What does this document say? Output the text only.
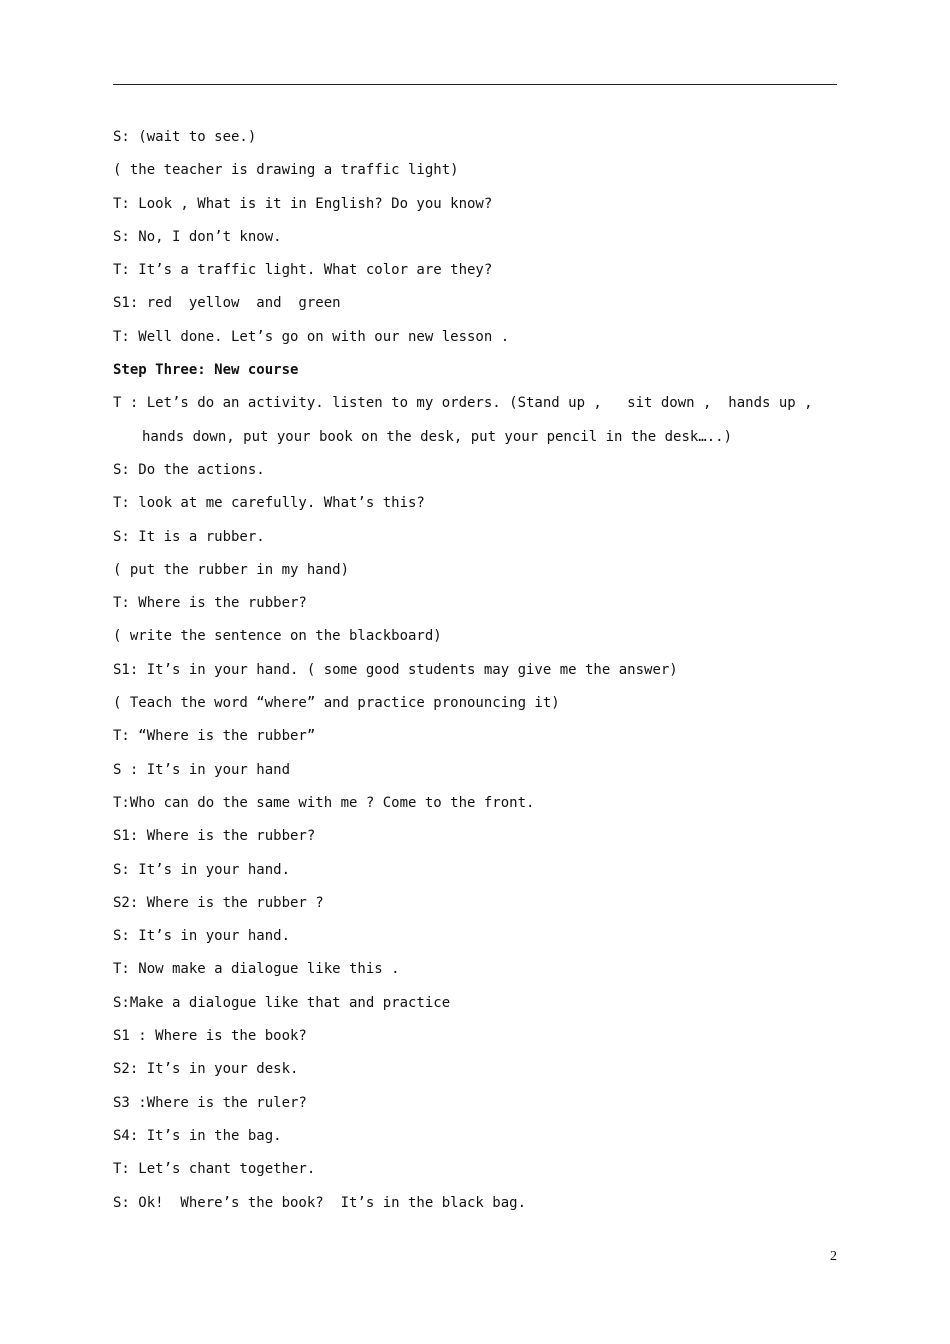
S: (wait to see.)
( the teacher is drawing a traffic light)
T: Look , What is it in English? Do you know?
S: No, I don’t know.
T: It’s a traffic light. What color are they?
S1: red  yellow  and  green
T: Well done. Let’s go on with our new lesson .
Step Three: New course
T : Let’s do an activity. listen to my orders. (Stand up ,   sit down ,  hands up ,
hands down, put your book on the desk, put your pencil in the desk…..)
S: Do the actions.
T: look at me carefully. What’s this?
S: It is a rubber.
( put the rubber in my hand)
T: Where is the rubber?
( write the sentence on the blackboard)
S1: It’s in your hand. ( some good students may give me the answer)
( Teach the word “where” and practice pronouncing it)
T: “Where is the rubber”
S : It’s in your hand
T:Who can do the same with me ? Come to the front.
S1: Where is the rubber?
S: It’s in your hand.
S2: Where is the rubber ?
S: It’s in your hand.
T: Now make a dialogue like this .
S:Make a dialogue like that and practice
S1 : Where is the book?
S2: It’s in your desk.
S3 :Where is the ruler?
S4: It’s in the bag.
T: Let’s chant together.
S: Ok!  Where’s the book?  It’s in the black bag.
2
